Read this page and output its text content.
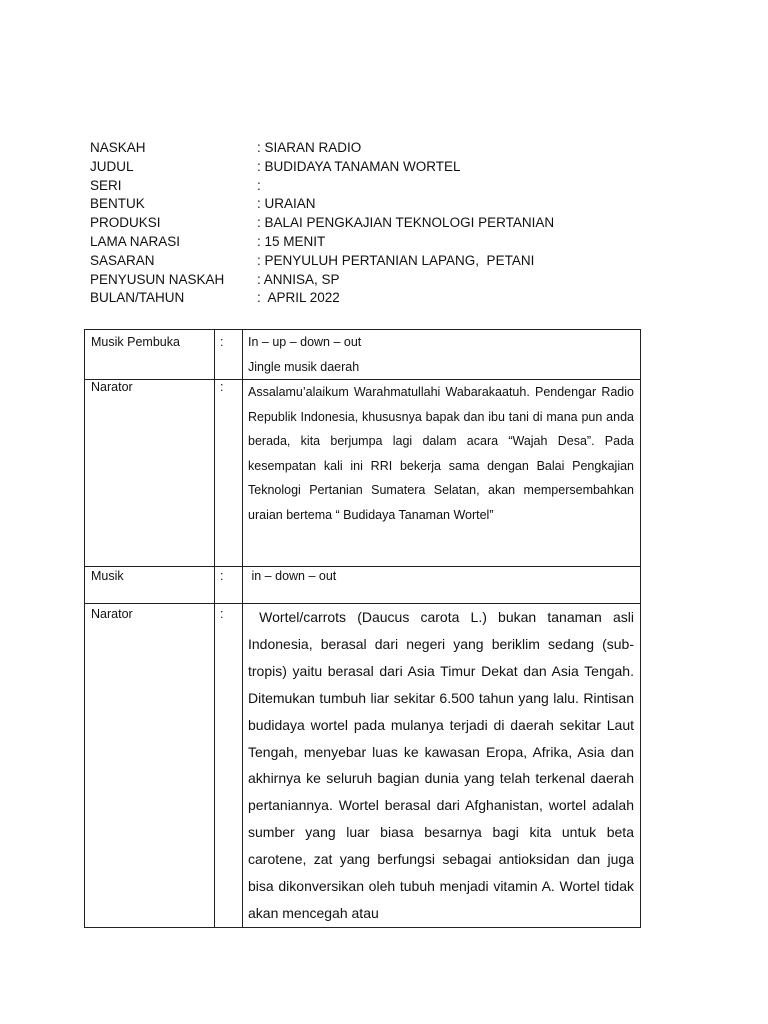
NASKAH	: SIARAN RADIO
JUDUL	: BUDIDAYA TANAMAN WORTEL
SERI	:
BENTUK	: URAIAN
PRODUKSI	: BALAI PENGKAJIAN TEKNOLOGI PERTANIAN
LAMA NARASI	: 15 MENIT
SASARAN	: PENYULUH PERTANIAN LAPANG,  PETANI
PENYUSUN NASKAH	: ANNISA, SP
BULAN/TAHUN	:  APRIL 2022
Musik Pembuka	:	In – up – down – out
Jingle musik daerah

Narator	:	Assalamu’alaikum Warahmatullahi Wabarakaatuh. Pendengar Radio Republik Indonesia, khususnya bapak dan ibu tani di mana pun anda berada, kita berjumpa lagi dalam acara “Wajah Desa”. Pada kesempatan kali ini RRI bekerja sama dengan Balai Pengkajian Teknologi Pertanian Sumatera Selatan, akan mempersembahkan uraian bertema “ Budidaya Tanaman Wortel”
Musik	:	in – down – out
Narator	:	Wortel/carrots (Daucus carota L.) bukan tanaman asli Indonesia, berasal dari negeri yang beriklim sedang (sub-tropis) yaitu berasal dari Asia Timur Dekat dan Asia Tengah. Ditemukan tumbuh liar sekitar 6.500 tahun yang lalu. Rintisan budidaya wortel pada mulanya terjadi di daerah sekitar Laut Tengah, menyebar luas ke kawasan Eropa, Afrika, Asia dan akhirnya ke seluruh bagian dunia yang telah terkenal daerah pertaniannya. Wortel berasal dari Afghanistan, wortel adalah sumber yang luar biasa besarnya bagi kita untuk beta carotene, zat yang berfungsi sebagai antioksidan dan juga bisa dikonversikan oleh tubuh menjadi vitamin A. Wortel tidak akan mencegah atau
